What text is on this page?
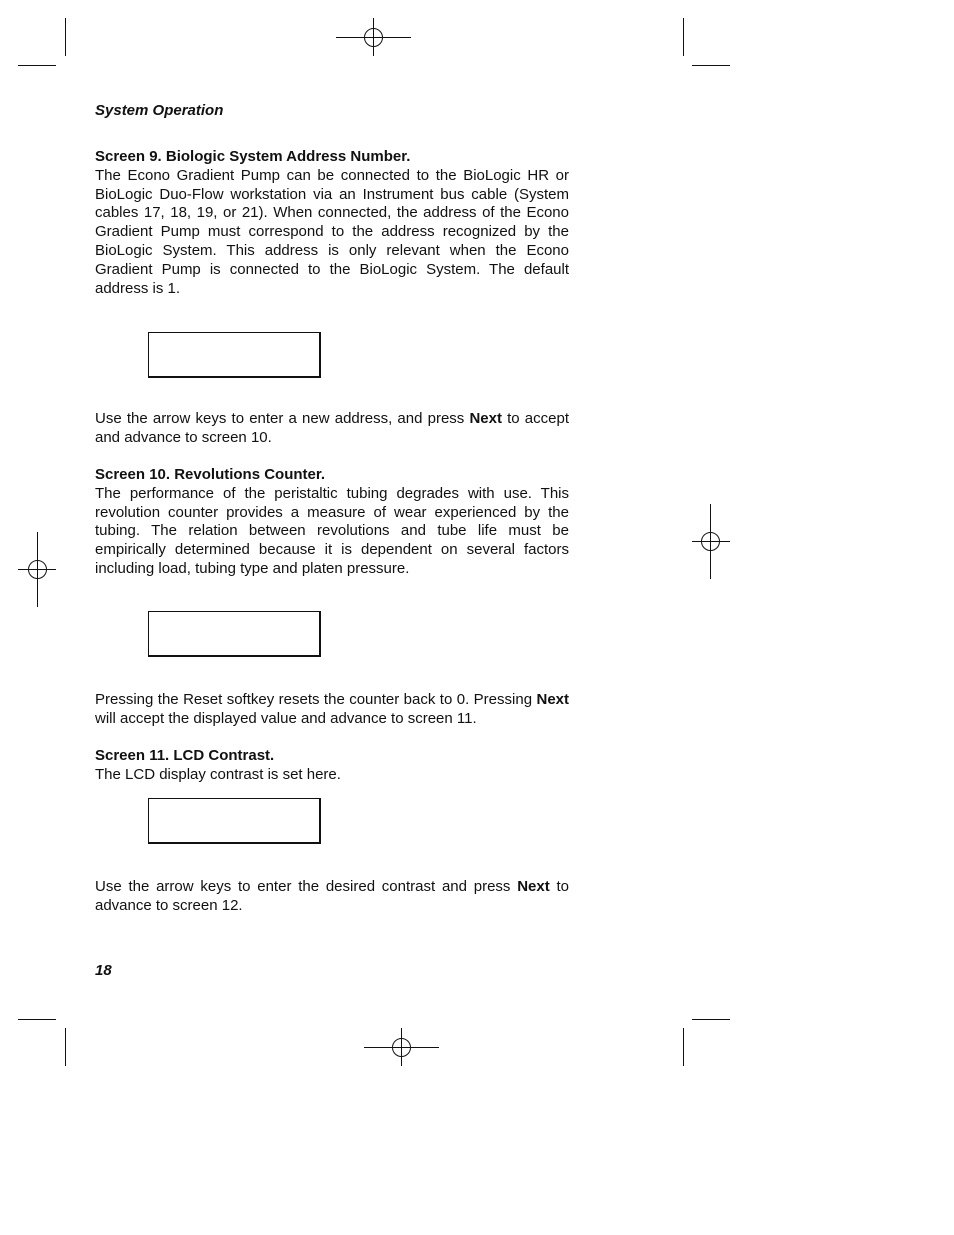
System Operation
Screen 9. Biologic System Address Number.

The Econo Gradient Pump can be connected to the BioLogic HR or BioLogic Duo-Flow workstation via an Instrument bus cable (System cables 17, 18, 19, or 21). When connected, the address of the Econo Gradient Pump must correspond to the address recognized by the BioLogic System. This address is only relevant when the Econo Gradient Pump is connected to the BioLogic System. The default address is 1.

Use the arrow keys to enter a new address, and press Next to accept and advance to screen 10.

Screen 10. Revolutions Counter.

The performance of the peristaltic tubing degrades with use. This revolution counter provides a measure of wear experienced by the tubing. The relation between revolutions and tube life must be empirically determined because it is dependent on several factors including load, tubing type and platen pressure.

Pressing the Reset softkey resets the counter back to 0. Pressing Next will accept the displayed value and advance to screen 11.

Screen 11. LCD Contrast.

The LCD display contrast is set here.

Use the arrow keys to enter the desired contrast and press Next to advance to screen 12.

18
